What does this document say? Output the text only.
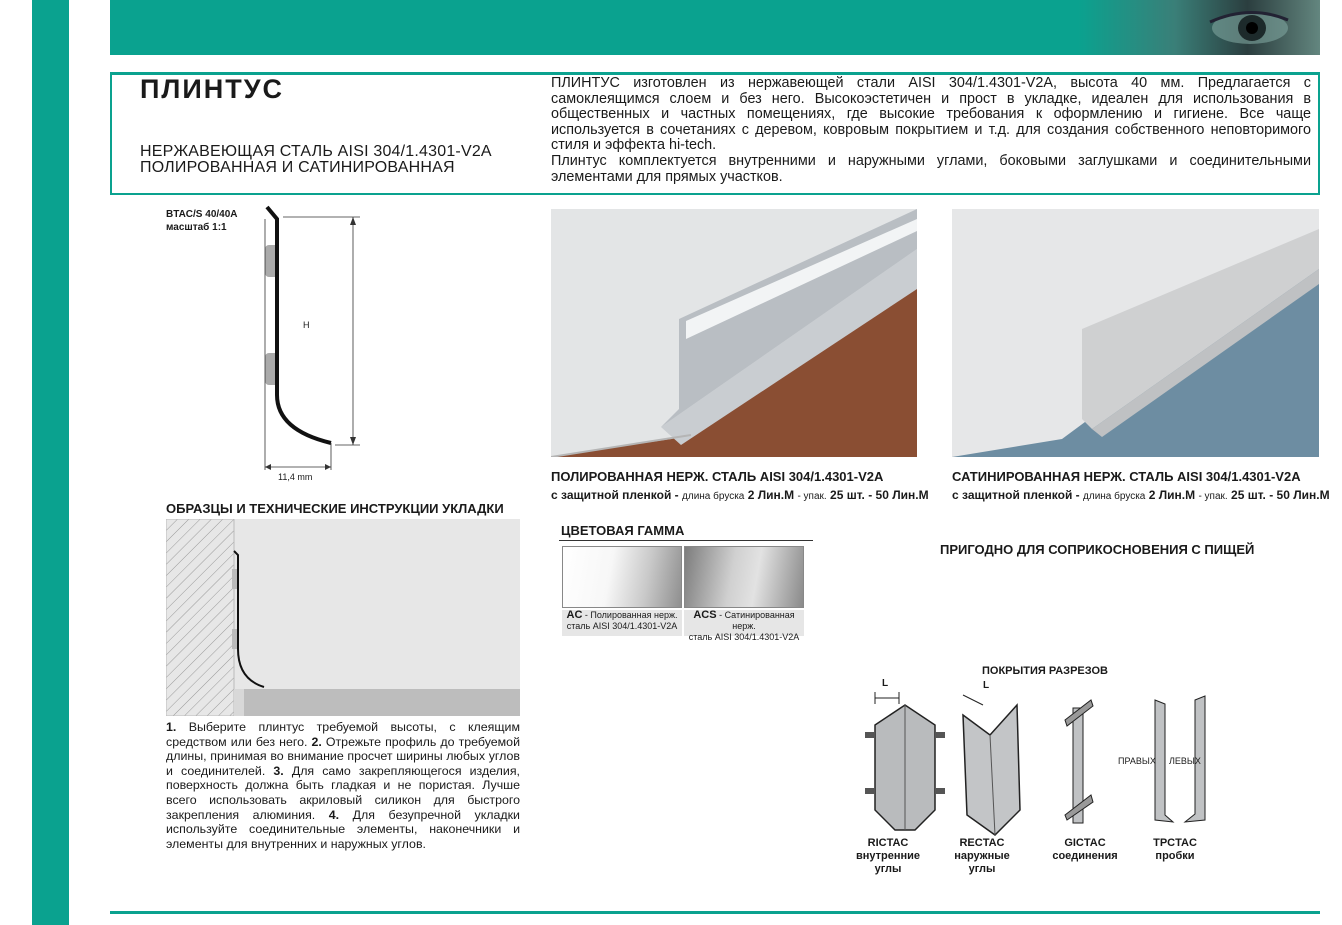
ПЛИНТУС
НЕРЖАВЕЮЩАЯ СТАЛЬ AISI 304/1.4301-V2A
ПОЛИРОВАННАЯ И САТИНИРОВАННАЯ
ПЛИНТУС изготовлен из нержавеющей стали AISI 304/1.4301-V2A, высота 40 мм. Предлагается с самоклеящимся слоем и без него. Высокоэстетичен и прост в укладке, идеален для использования в общественных и частных помещениях, где высокие требования к оформлению и гигиене. Все чаще используется в сочетаниях с деревом, ковровым покрытием и т.д. для создания собственного неповторимого стиля и эффекта hi-tech.
Плинтус комплектуется внутренними и наружными углами, боковыми заглушками и соединительными элементами для прямых участков.
BTAC/S 40/40A
масштаб 1:1
H
11,4 mm	ПОЛИРОВАННАЯ НЕРЖ. СТАЛЬ AISI 304/1.4301-V2A
с защитной пленкой - длина бруска 2 Лин.М - упак. 25 шт. - 50 Лин.М
САТИНИРОВАННАЯ НЕРЖ. СТАЛЬ AISI 304/1.4301-V2A
с защитной пленкой - длина бруска 2 Лин.М - упак. 25 шт. - 50 Лин.М
ЦВЕТОВАЯ ГАММА
AC - Полированная нерж.
сталь AISI 304/1.4301-V2A
ACS - Сатинированная нерж.
сталь AISI 304/1.4301-V2A
ПРИГОДНО ДЛЯ СОПРИКОСНОВЕНИЯ С ПИЩЕЙ
ОБРАЗЦЫ И ТЕХНИЧЕСКИЕ ИНСТРУКЦИИ УКЛАДКИ
1. Выберите плинтус требуемой высоты, с клеящим средством или без него. 2. Отрежьте профиль до требуемой длины, принимая во внимание просчет ширины любых углов и соединителей. 3. Для само закрепляющегося изделия, поверхность должна быть гладкая и не пористая. Лучше всего использовать акриловый силикон для быстрого закрепления алюминия. 4. Для безупречной укладки используйте соединительные элементы, наконечники и элементы для внутренних и наружных углов.
ПОКРЫТИЯ РАЗРЕЗОВ
L	L
ПРАВЫХ ЛЕВЫХ
RICTAC
внутренние
углы
RECTAC
наружные
углы
GICTAC
соединения
TPCTAC
пробки
